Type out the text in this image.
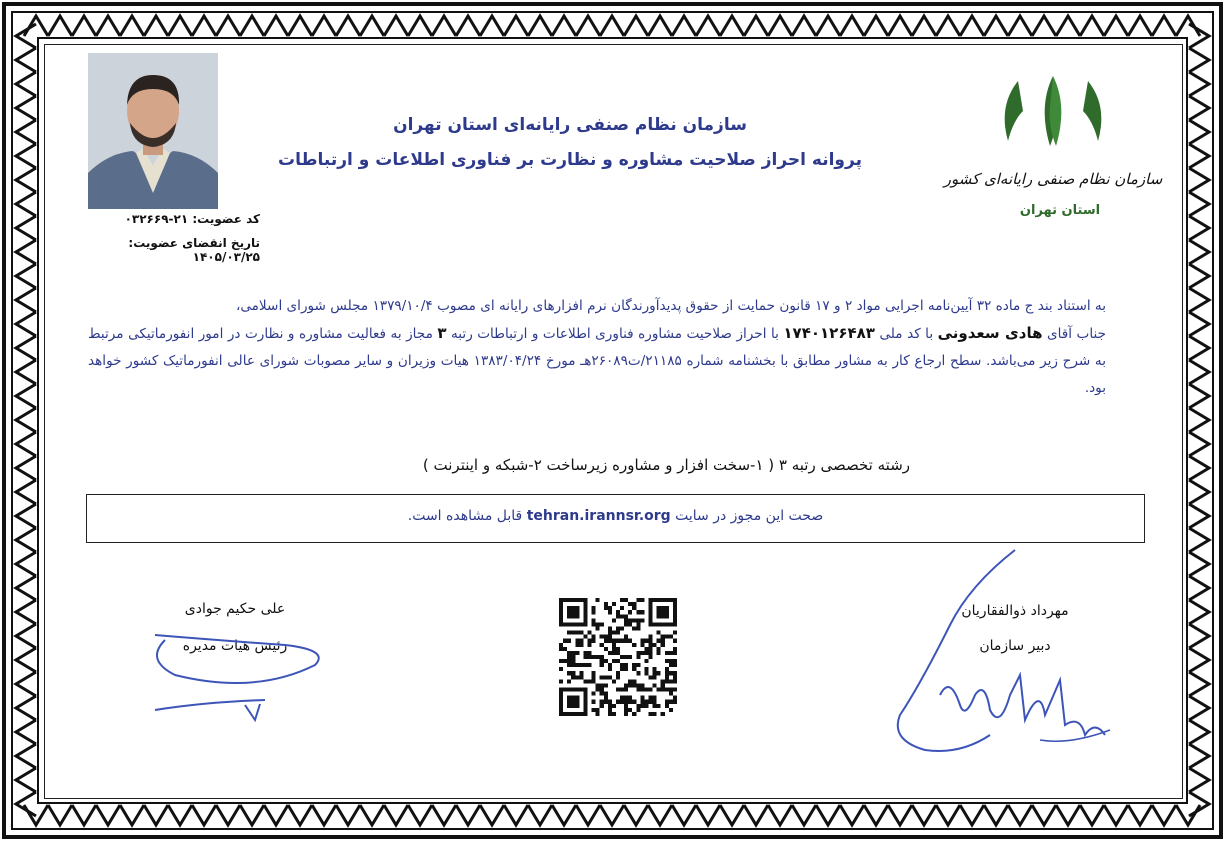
سازمان نظام صنفی رایانه‌ای استان تهران
پروانه احراز صلاحیت مشاوره و نظارت بر فناوری اطلاعات و ارتباطات
کد عضویت: ۲۱-۰۳۲۶۶۹
تاریخ انقضای عضویت: ۱۴۰۵/۰۳/۲۵
سازمان نظام صنفی رایانه‌ای کشور
استان تهران
به استناد بند ج ماده ۳۲ آیین‌نامه اجرایی مواد ۲ و ۱۷ قانون حمایت از حقوق پدیدآورندگان نرم افزارهای رایانه ای مصوب ۱۳۷۹/۱۰/۴ مجلس شورای اسلامی،
جناب آقای هادی سعدونی با کد ملی ۱۷۴۰۱۲۶۴۸۳ با احراز صلاحیت مشاوره فناوری اطلاعات و ارتباطات رتبه ۳ مجاز به فعالیت مشاوره و نظارت در امور انفورماتیکی مرتبط به شرح زیر می‌باشد. سطح ارجاع کار به مشاور مطابق با بخشنامه شماره ۲۱۱۸۵/ت۲۶۰۸۹هـ مورخ ۱۳۸۳/۰۴/۲۴ هیات وزیران و سایر مصوبات شورای عالی انفورماتیک کشور خواهد بود.
رشته تخصصی رتبه ۳ ( ۱-سخت افزار و مشاوره زیرساخت ۲-شبکه و اینترنت )
صحت این مجوز در سایت tehran.irannsr.org قابل مشاهده است.
علی حکیم جوادی
رئیس هیات مدیره
مهرداد ذوالفقاریان
دبیر سازمان
